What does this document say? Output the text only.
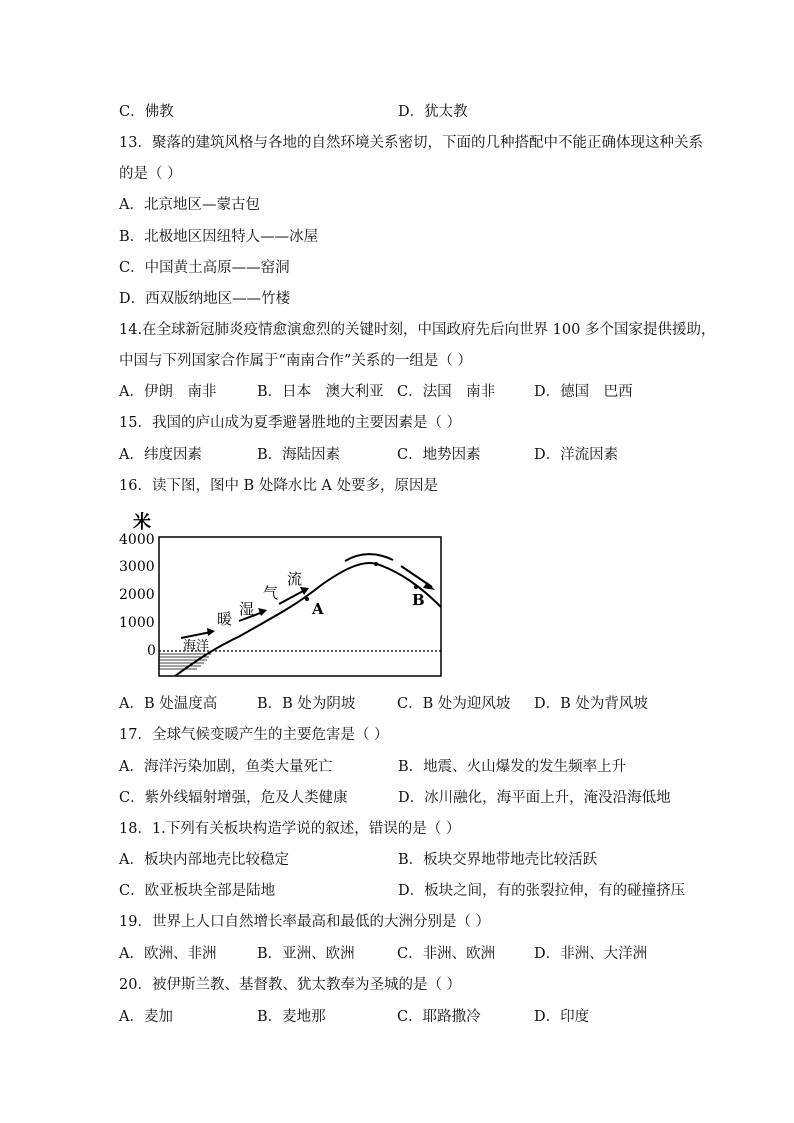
C．佛教	D．犹太教
13．聚落的建筑风格与各地的自然环境关系密切，下面的几种搭配中不能正确体现这种关系
的是（ ）
A．北京地区—蒙古包
B．北极地区因纽特人——冰屋
C．中国黄土高原——窑洞
D．西双版纳地区——竹楼
14.在全球新冠肺炎疫情愈演愈烈的关键时刻，中国政府先后向世界 100 多个国家提供援助，
中国与下列国家合作属于“南南合作”关系的一组是（ ）
A．伊朗　南非	B．日本　澳大利亚 C．法国　南非	D．德国　巴西
15．我国的庐山成为夏季避暑胜地的主要因素是（ ）
A．纬度因素	B．海陆因素	C．地势因素	D．洋流因素
16．读下图，图中 B 处降水比 A 处要多，原因是
米
4000
3000
2000
1000
0 海洋
A	B
暖
湿
气
流
A．B 处温度高	B．B 处为阴坡	C．B 处为迎风坡 D．B 处为背风坡
17．全球气候变暖产生的主要危害是（ ）
A．海洋污染加剧，鱼类大量死亡	B．地震、火山爆发的发生频率上升
C．紫外线辐射增强，危及人类健康	D．冰川融化，海平面上升，淹没沿海低地
18．1.下列有关板块构造学说的叙述，错误的是（ ）
A．板块内部地壳比较稳定	B．板块交界地带地壳比较活跃
C．欧亚板块全部是陆地	D．板块之间，有的张裂拉伸，有的碰撞挤压
19．世界上人口自然增长率最高和最低的大洲分别是（ ）
A．欧洲、非洲	B．亚洲、欧洲	C．非洲、欧洲	D．非洲、大洋洲
20．被伊斯兰教、基督教、犹太教奉为圣城的是（ ）
A．麦加	B．麦地那	C．耶路撒冷	D．印度
